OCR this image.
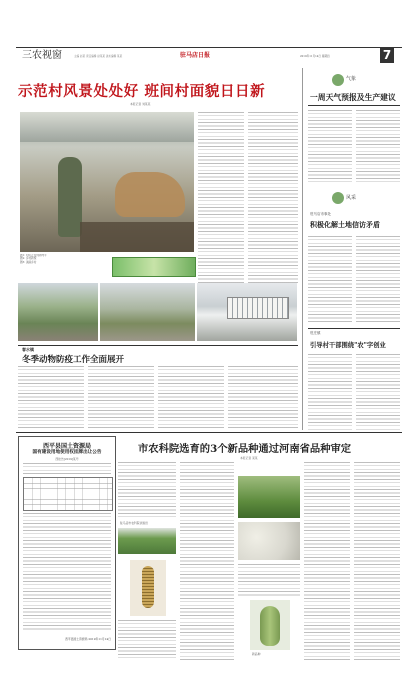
三农视窗	主编 赵某 责任编辑 赵某某 美术编辑 某某	驻马店日报	2019年11月14日 星期四	7
示范村风景处处好 班间村面貌日日新
本报记者 刘某某
图1: 村民正在饲养肉牛
图2: 乡村新貌
图3: 美丽乡村
春水镇
冬季动物防疫工作全面展开
气象
一周天气预报及生产建议
风采
驻马店市事处
积极化解土地信访矛盾
驻庄镇
引导村干部围绕"农"字创业
西平县国土资源局
国有建设用地使用权挂牌出让公告
西挂告[2019]某号
西平县国土资源局 2019年11月14日
市农科院选育的3个新品种通过河南省品种审定
本报记者 某某
驻马店市农科院试验田
新品种
